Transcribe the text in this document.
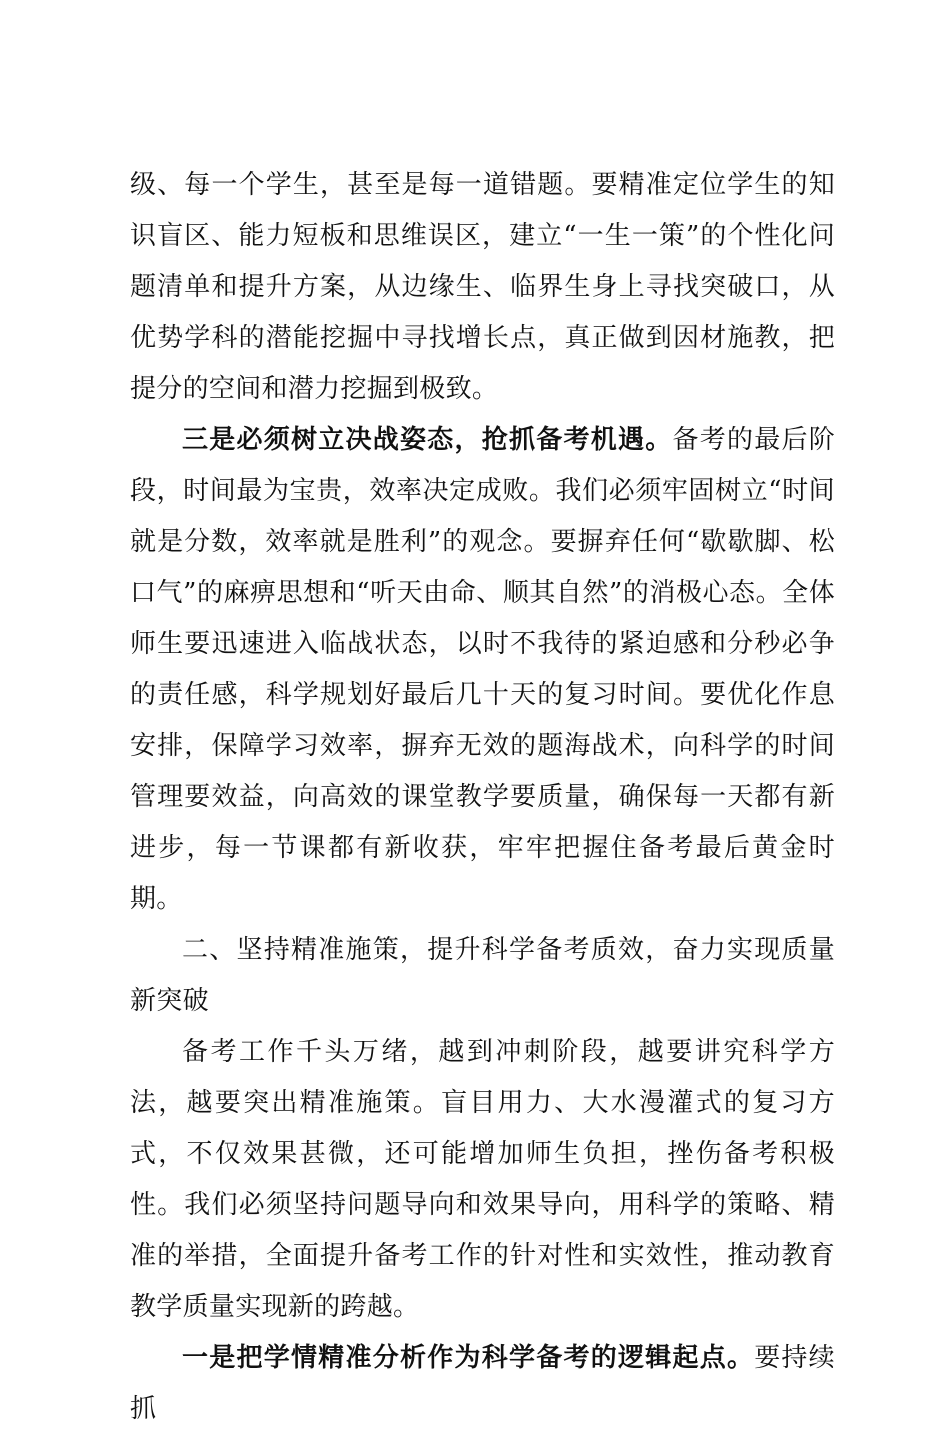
级、每一个学生，甚至是每一道错题。要精准定位学生的知识盲区、能力短板和思维误区，建立“一生一策”的个性化问题清单和提升方案，从边缘生、临界生身上寻找突破口，从优势学科的潜能挖掘中寻找增长点，真正做到因材施教，把提分的空间和潜力挖掘到极致。

三是必须树立决战姿态，抢抓备考机遇。备考的最后阶段，时间最为宝贵，效率决定成败。我们必须牢固树立“时间就是分数，效率就是胜利”的观念。要摒弃任何“歇歇脚、松口气”的麻痹思想和“听天由命、顺其自然”的消极心态。全体师生要迅速进入临战状态，以时不我待的紧迫感和分秒必争的责任感，科学规划好最后几十天的复习时间。要优化作息安排，保障学习效率，摒弃无效的题海战术，向科学的时间管理要效益，向高效的课堂教学要质量，确保每一天都有新进步，每一节课都有新收获，牢牢把握住备考最后黄金时期。

二、坚持精准施策，提升科学备考质效，奋力实现质量新突破

备考工作千头万绪，越到冲刺阶段，越要讲究科学方法，越要突出精准施策。盲目用力、大水漫灌式的复习方式，不仅效果甚微，还可能增加师生负担，挫伤备考积极性。我们必须坚持问题导向和效果导向，用科学的策略、精准的举措，全面提升备考工作的针对性和实效性，推动教育教学质量实现新的跨越。

一是把学情精准分析作为科学备考的逻辑起点。要持续抓
